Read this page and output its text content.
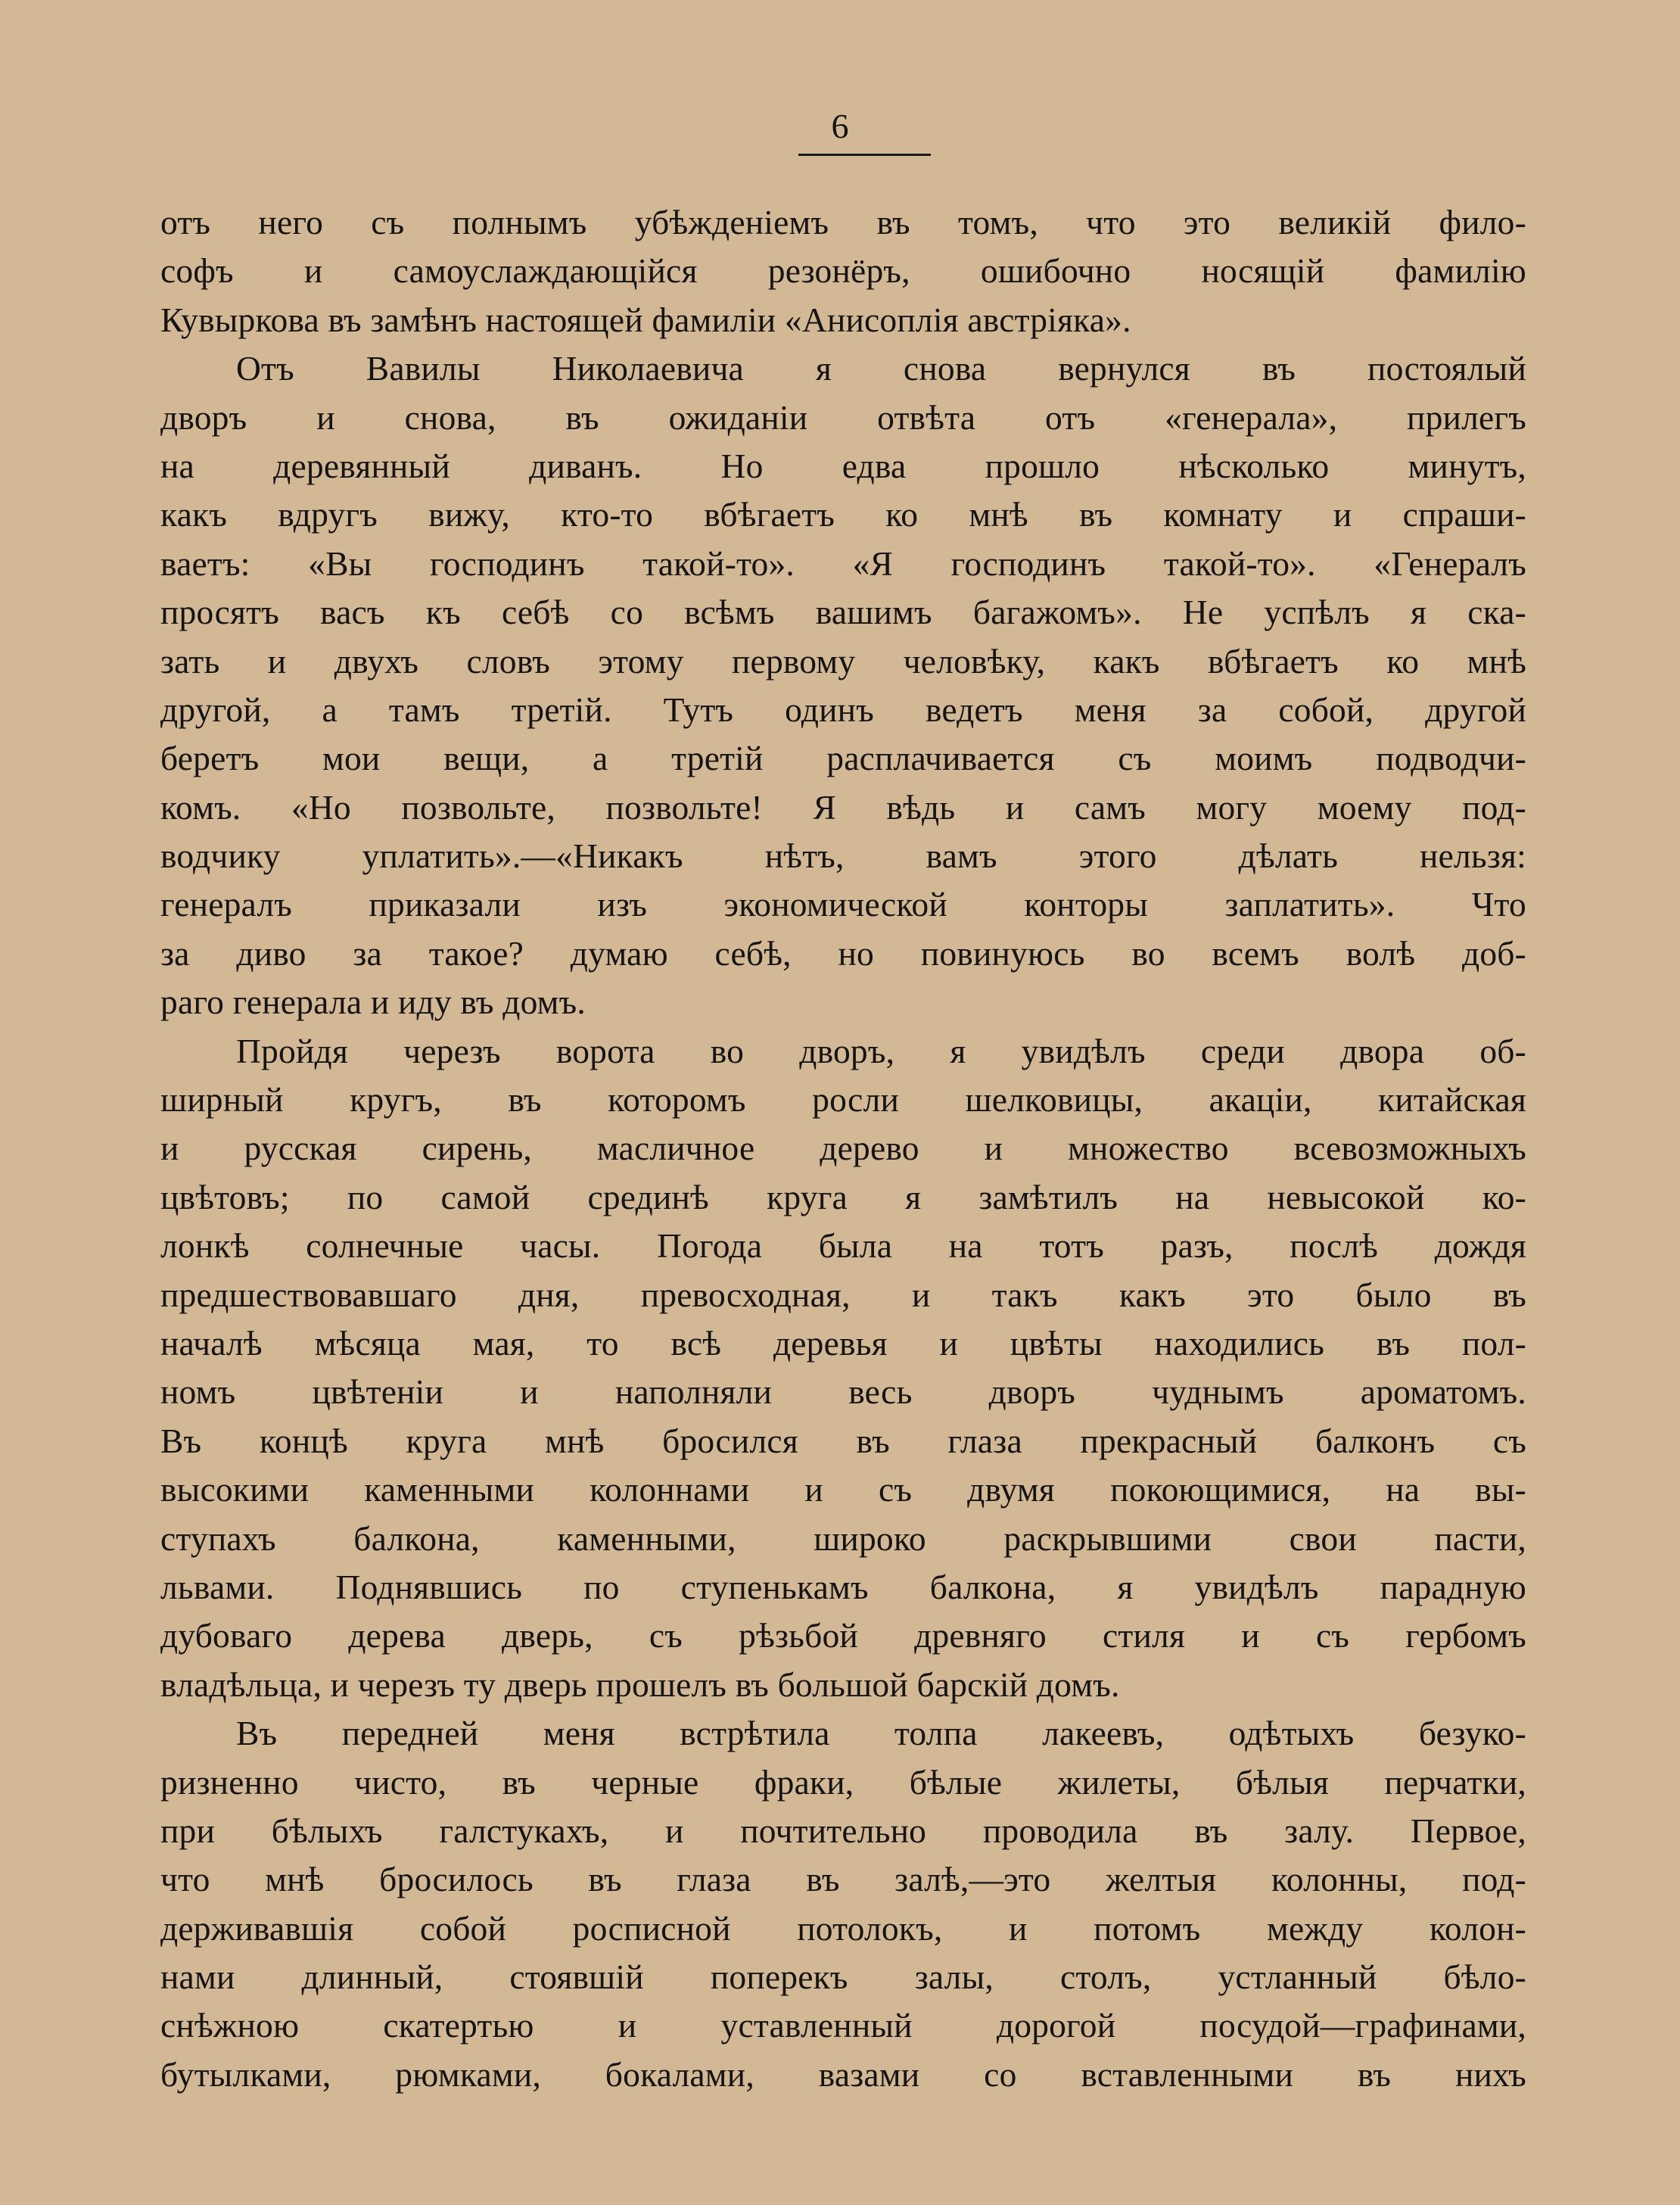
6
отъ него съ полнымъ убѣжденіемъ въ томъ, что это великій фило-
софъ и самоуслаждающійся резонёръ, ошибочно носящій фамилію
Кувыркова въ замѣнъ настоящей фамиліи «Анисоплія австріяка».
Отъ Вавилы Николаевича я снова вернулся въ постоялый
дворъ и снова, въ ожиданіи отвѣта отъ «генерала», прилегъ
на деревянный диванъ. Но едва прошло нѣсколько минутъ,
какъ вдругъ вижу, кто-то вбѣгаетъ ко мнѣ въ комнату и спраши-
ваетъ: «Вы господинъ такой-то». «Я господинъ такой-то». «Генералъ
просятъ васъ къ себѣ со всѣмъ вашимъ багажомъ». Не успѣлъ я ска-
зать и двухъ словъ этому первому человѣку, какъ вбѣгаетъ ко мнѣ
другой, а тамъ третій. Тутъ одинъ ведетъ меня за собой, другой
беретъ мои вещи, а третій расплачивается съ моимъ подводчи-
комъ. «Но позвольте, позвольте! Я вѣдь и самъ могу моему под-
водчику уплатить».—«Никакъ нѣтъ, вамъ этого дѣлать нельзя:
генералъ приказали изъ экономической конторы заплатить». Что
за диво за такое? думаю себѣ, но повинуюсь во всемъ волѣ доб-
раго генерала и иду въ домъ.
Пройдя черезъ ворота во дворъ, я увидѣлъ среди двора об-
ширный кругъ, въ которомъ росли шелковицы, акаціи, китайская
и русская сирень, масличное дерево и множество всевозможныхъ
цвѣтовъ; по самой срединѣ круга я замѣтилъ на невысокой ко-
лонкѣ солнечные часы. Погода была на тотъ разъ, послѣ дождя
предшествовавшаго дня, превосходная, и такъ какъ это было въ
началѣ мѣсяца мая, то всѣ деревья и цвѣты находились въ пол-
номъ цвѣтеніи и наполняли весь дворъ чуднымъ ароматомъ.
Въ концѣ круга мнѣ бросился въ глаза прекрасный балконъ съ
высокими каменными колоннами и съ двумя покоющимися, на вы-
ступахъ балкона, каменными, широко раскрывшими свои пасти,
львами. Поднявшись по ступенькамъ балкона, я увидѣлъ парадную
дубоваго дерева дверь, съ рѣзьбой древняго стиля и съ гербомъ
владѣльца, и черезъ ту дверь прошелъ въ большой барскій домъ.
Въ передней меня встрѣтила толпа лакеевъ, одѣтыхъ безуко-
ризненно чисто, въ черные фраки, бѣлые жилеты, бѣлыя перчатки,
при бѣлыхъ галстукахъ, и почтительно проводила въ залу. Первое,
что мнѣ бросилось въ глаза въ залѣ,—это желтыя колонны, под-
держивавшія собой росписной потолокъ, и потомъ между колон-
нами длинный, стоявшій поперекъ залы, столъ, устланный бѣло-
снѣжною скатертью и уставленный дорогой посудой—графинами,
бутылками, рюмками, бокалами, вазами со вставленными въ нихъ
